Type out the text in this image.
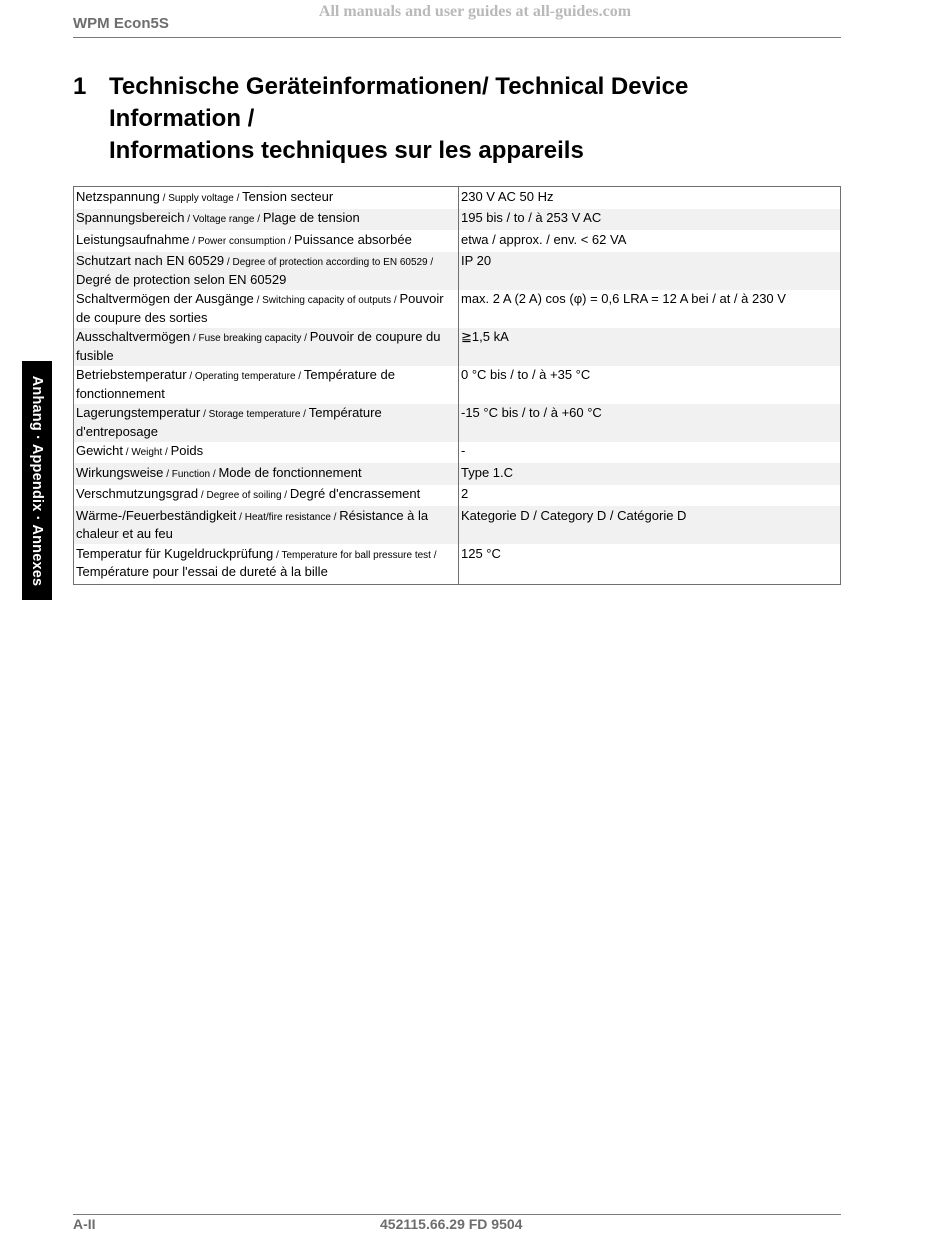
All manuals and user guides at all-guides.com
WPM Econ5S
1 Technische Geräteinformationen/ Technical Device
Information /
Informations techniques sur les appareils
Netzspannung / Supply voltage / Tension secteur	230 V AC 50 Hz
Spannungsbereich / Voltage range / Plage de tension	195 bis / to / à 253 V AC
Leistungsaufnahme / Power consumption / Puissance absorbée	etwa / approx. / env. < 62 VA
Schutzart nach EN 60529 / Degree of protection according to EN 60529 / Degré de protection selon EN 60529	IP 20
Schaltvermögen der Ausgänge / Switching capacity of outputs / Pouvoir de coupure des sorties	max. 2 A (2 A) cos (φ) = 0,6 LRA = 12 A bei / at / à 230 V
Ausschaltvermögen / Fuse breaking capacity / Pouvoir de coupure du fusible	≧1,5 kA
Betriebstemperatur / Operating temperature / Température de fonctionnement	0 °C bis / to / à +35 °C
Lagerungstemperatur / Storage temperature / Température d'entreposage	-15 °C bis / to / à +60 °C
Gewicht / Weight / Poids	-
Wirkungsweise / Function / Mode de fonctionnement	Type 1.C
Verschmutzungsgrad / Degree of soiling / Degré d'encrassement	2
Wärme-/Feuerbeständigkeit / Heat/fire resistance / Résistance à la chaleur et au feu	Kategorie D / Category D / Catégorie D
Temperatur für Kugeldruckprüfung / Temperature for ball pressure test / Température pour l'essai de dureté à la bille	125 °C
Anhang · Appendix · Annexes
A-II	452115.66.29 FD 9504
